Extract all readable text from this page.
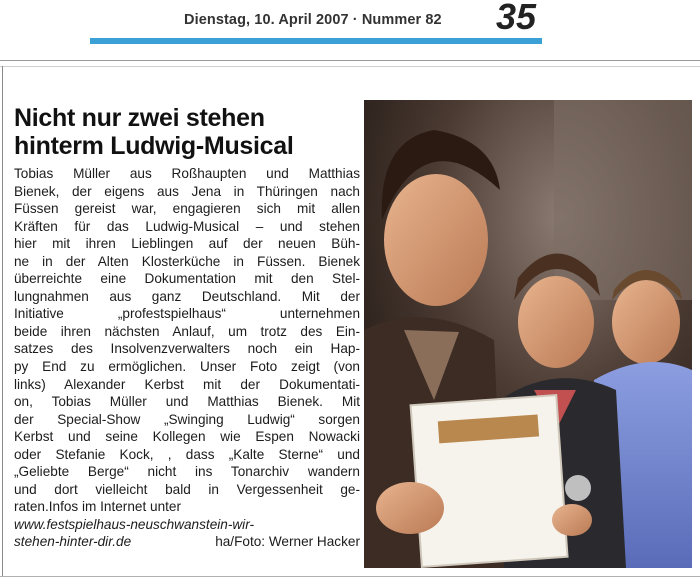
Dienstag, 10. April 2007 · Nummer 82 35
Nicht nur zwei stehen
hinterm Ludwig-Musical
Tobias Müller aus Roßhaupten und Matthias
Bienek, der eigens aus Jena in Thüringen nach
Füssen gereist war, engagieren sich mit allen
Kräften für das Ludwig-Musical – und stehen
hier mit ihren Lieblingen auf der neuen Büh-
ne in der Alten Klosterküche in Füssen. Bienek
überreichte eine Dokumentation mit den Stel-
lungnahmen aus ganz Deutschland. Mit der
Initiative „profestspielhaus“ unternehmen
beide ihren nächsten Anlauf, um trotz des Ein-
satzes des Insolvenzverwalters noch ein Hap-
py End zu ermöglichen. Unser Foto zeigt (von
links) Alexander Kerbst mit der Dokumentati-
on, Tobias Müller und Matthias Bienek. Mit
der Special-Show „Swinging Ludwig“ sorgen
Kerbst und seine Kollegen wie Espen Nowacki
oder Stefanie Kock, , dass „Kalte Sterne“ und
„Geliebte Berge“ nicht ins Tonarchiv wandern
und dort vielleicht bald in Vergessenheit ge-
raten.Infos im Internet unter
www.festspielhaus-neuschwanstein-wir-
stehen-hinter-dir.de	ha/Foto: Werner Hacker
